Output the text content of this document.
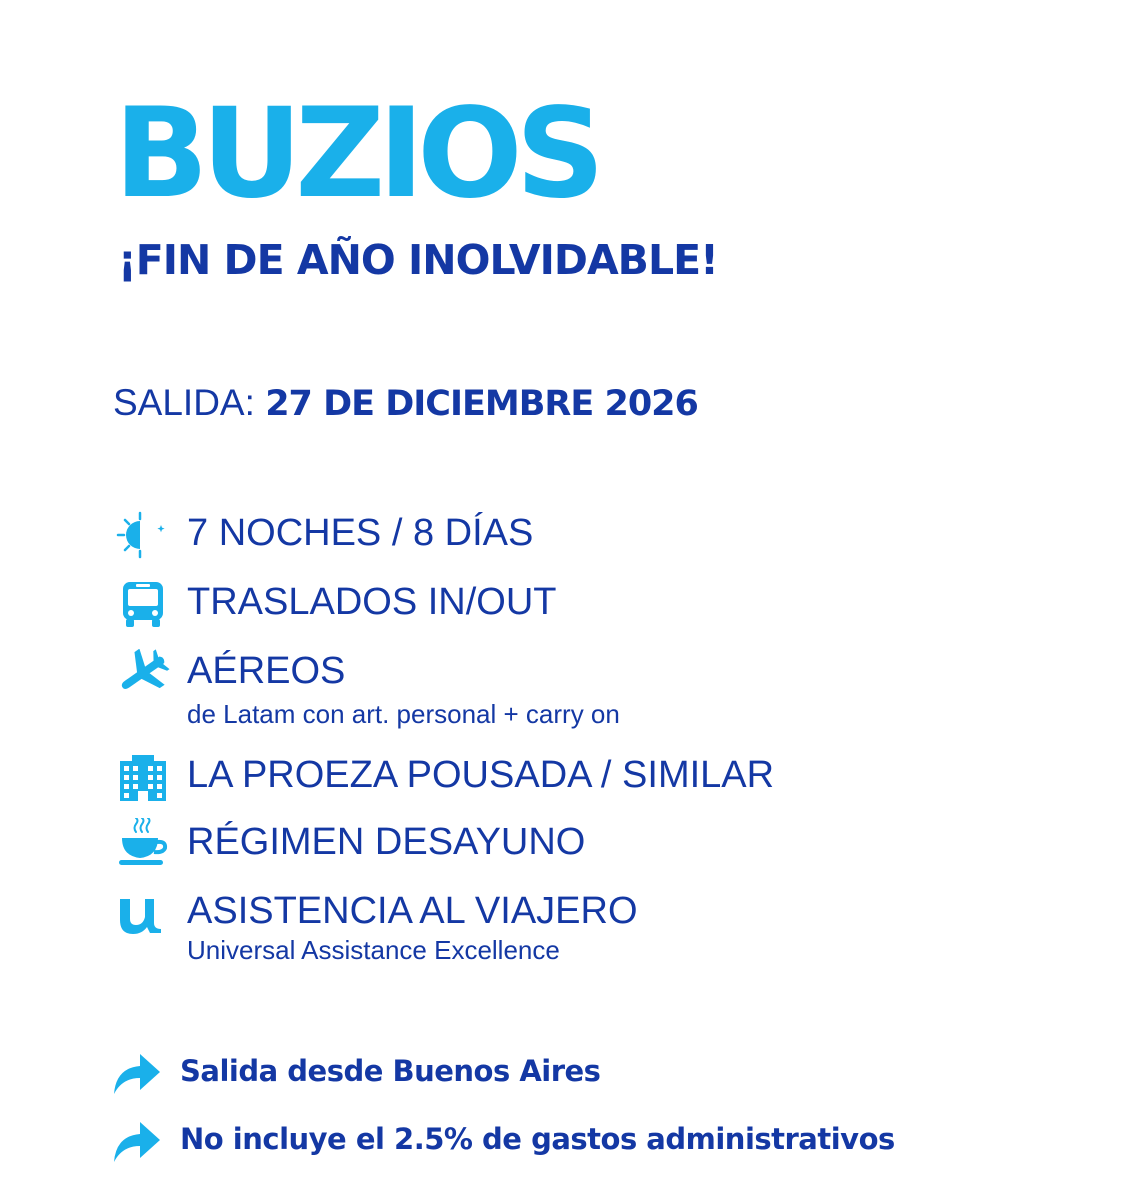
BUZIOS
¡FIN DE AÑO INOLVIDABLE!
SALIDA: 27 DE DICIEMBRE 2026
7 NOCHES / 8 DÍAS
TRASLADOS IN/OUT
AÉREOS
de Latam con art. personal + carry on
LA PROEZA POUSADA / SIMILAR
RÉGIMEN DESAYUNO
ASISTENCIA AL VIAJERO
Universal Assistance Excellence
Salida desde Buenos Aires
No incluye el 2.5% de gastos administrativos
